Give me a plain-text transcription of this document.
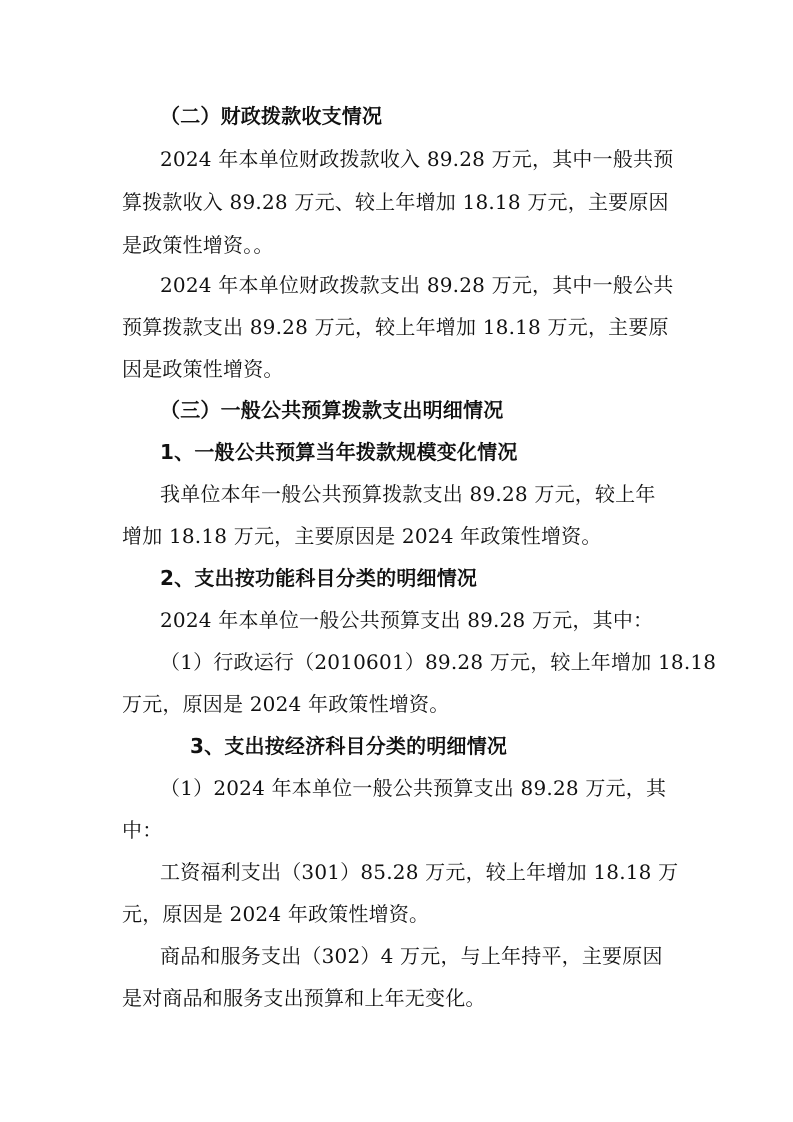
（二）财政拨款收支情况
2024 年本单位财政拨款收入 89.28 万元，其中一般共预
算拨款收入 89.28 万元、较上年增加 18.18 万元，主要原因
是政策性增资。。
2024 年本单位财政拨款支出 89.28 万元，其中一般公共
预算拨款支出 89.28 万元，较上年增加 18.18 万元，主要原
因是政策性增资。
（三）一般公共预算拨款支出明细情况
1、一般公共预算当年拨款规模变化情况
我单位本年一般公共预算拨款支出 89.28 万元，较上年
增加 18.18 万元，主要原因是 2024 年政策性增资。
2、支出按功能科目分类的明细情况
2024 年本单位一般公共预算支出 89.28 万元，其中：
（1）行政运行（2010601）89.28 万元，较上年增加 18.18
万元，原因是 2024 年政策性增资。
3、支出按经济科目分类的明细情况
（1）2024 年本单位一般公共预算支出 89.28 万元，其
中：
工资福利支出（301）85.28 万元，较上年增加 18.18 万
元，原因是 2024 年政策性增资。
商品和服务支出（302）4 万元，与上年持平，主要原因
是对商品和服务支出预算和上年无变化。
